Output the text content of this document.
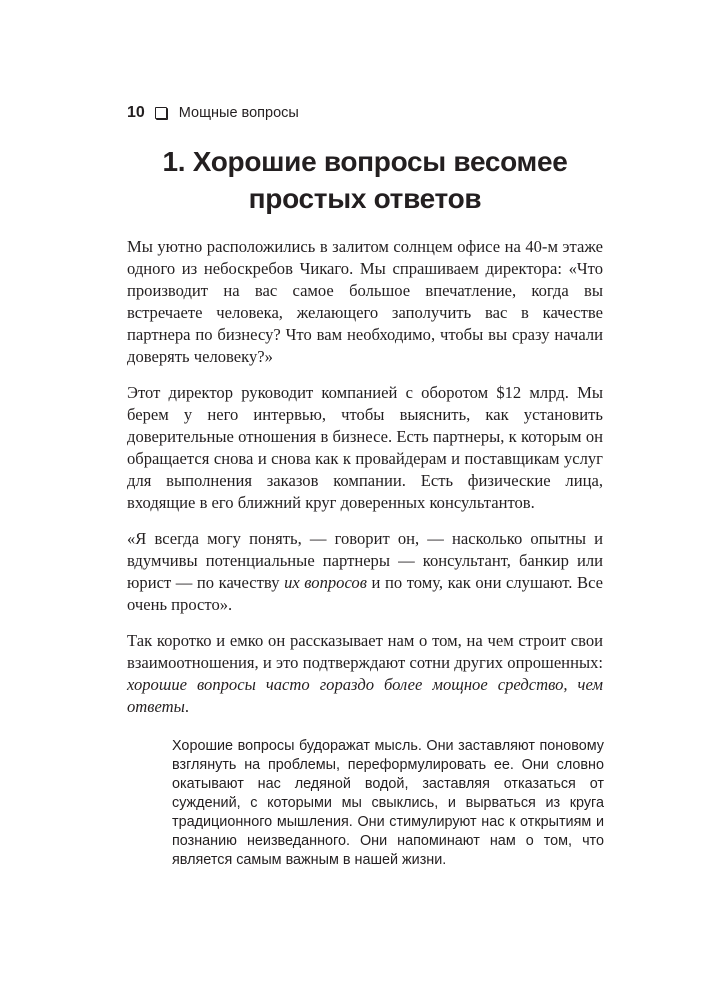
10 Мощные вопросы
1. Хорошие вопросы весомее
простых ответов

Мы уютно расположились в залитом солнцем офисе на 40-м этаже одного из небоскребов Чикаго. Мы спрашиваем директора: «Что производит на вас самое большое впечатление, когда вы встречаете человека, желающего заполучить вас в качестве партнера по бизнесу? Что вам необходимо, чтобы вы сразу начали доверять человеку?»

Этот директор руководит компанией с оборотом $12 млрд. Мы берем у него интервью, чтобы выяснить, как установить доверительные отношения в бизнесе. Есть партнеры, к которым он обращается снова и снова как к провайдерам и поставщикам услуг для выполнения заказов компании. Есть физические лица, входящие в его ближний круг доверенных консультантов.

«Я всегда могу понять, — говорит он, — насколько опытны и вдумчивы потенциальные партнеры — консультант, банкир или юрист — по качеству их вопросов и по тому, как они слушают. Все очень просто».

Так коротко и емко он рассказывает нам о том, на чем строит свои взаимоотношения, и это подтверждают сотни других опрошенных: хорошие вопросы часто гораздо более мощное средство, чем ответы.

Хорошие вопросы будоражат мысль. Они заставляют поновому взглянуть на проблемы, переформулировать ее. Они словно окатывают нас ледяной водой, заставляя отказаться от суждений, с которыми мы свыклись, и вырваться из круга традиционного мышления. Они стимулируют нас к открытиям и познанию неизведанного. Они напоминают нам о том, что является самым важным в нашей жизни.
